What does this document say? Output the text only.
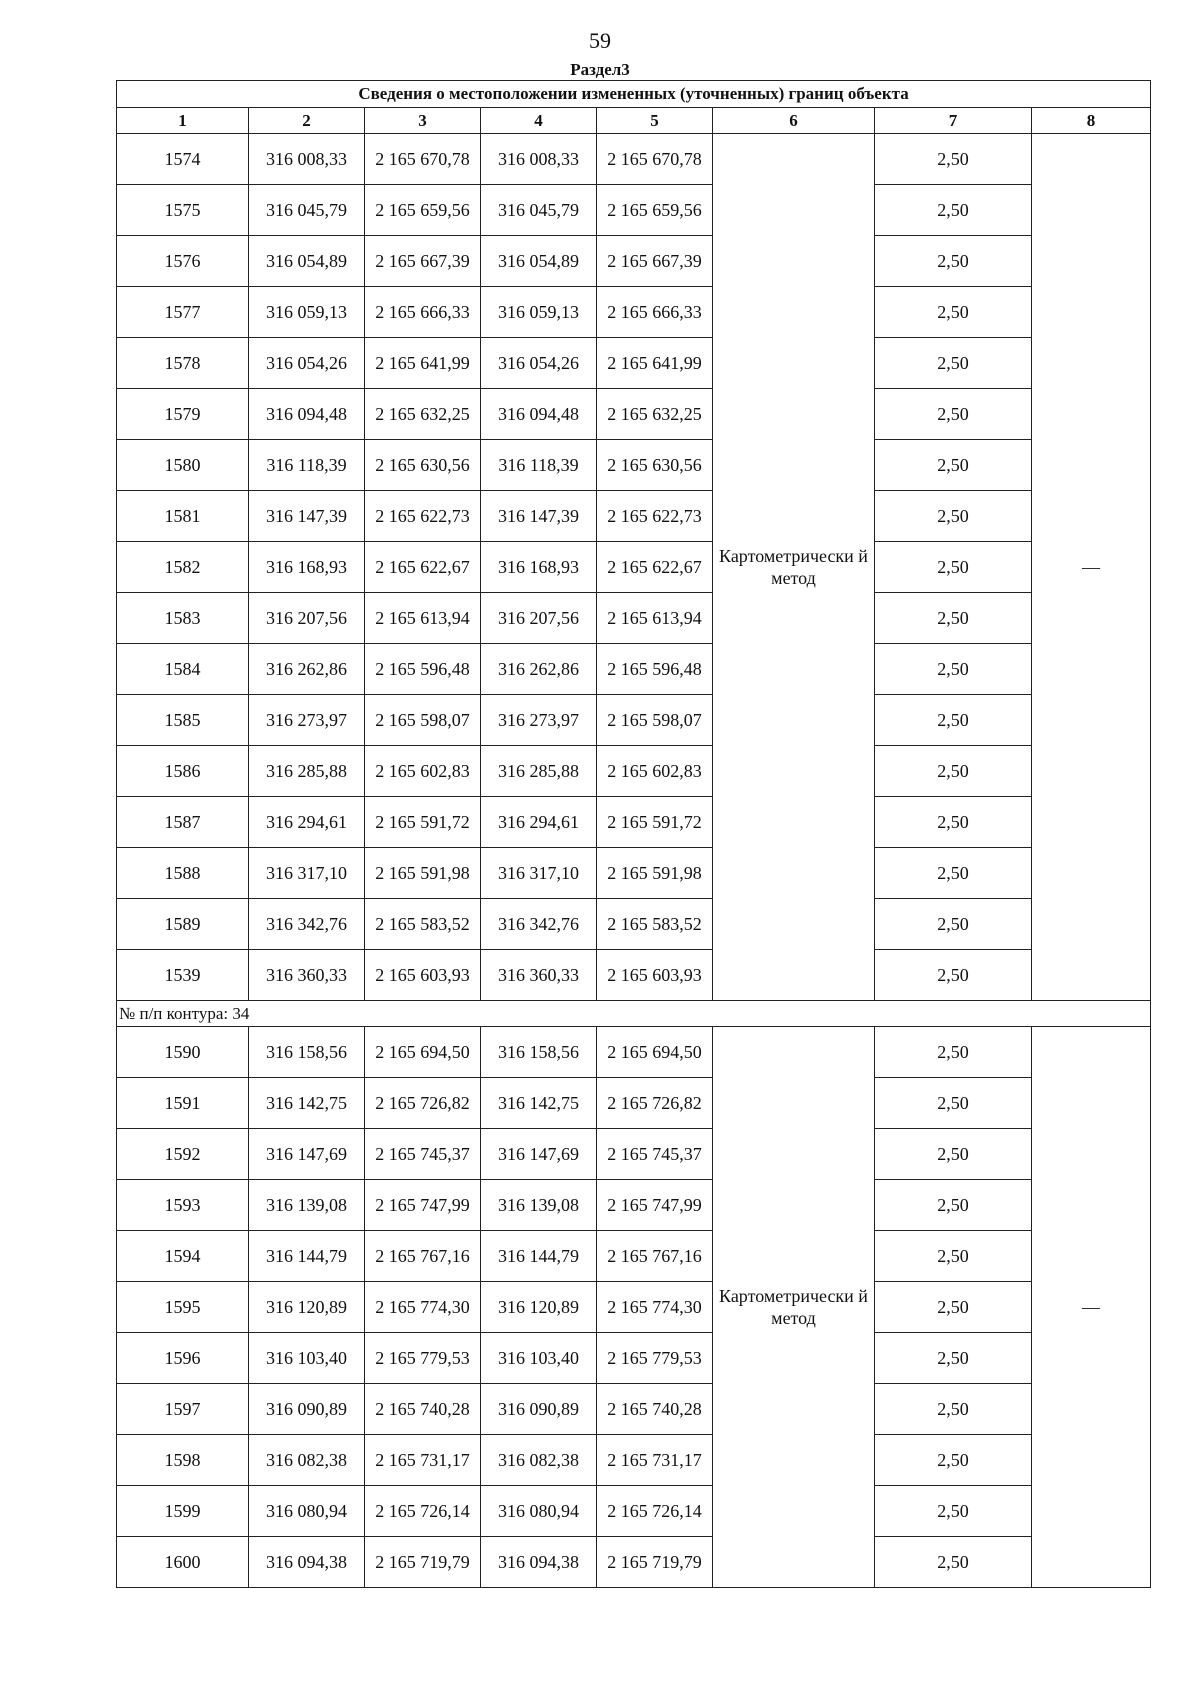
59
Раздел3
Сведения о местоположении измененных (уточненных) границ объекта							
1	2	3	4	5	6	7	8
1574	316 008,33	2 165 670,78	316 008,33	2 165 670,78	Картометрически й метод	2,50	—
1575	316 045,79	2 165 659,56	316 045,79	2 165 659,56		2,50	
1576	316 054,89	2 165 667,39	316 054,89	2 165 667,39		2,50	
1577	316 059,13	2 165 666,33	316 059,13	2 165 666,33		2,50	
1578	316 054,26	2 165 641,99	316 054,26	2 165 641,99		2,50	
1579	316 094,48	2 165 632,25	316 094,48	2 165 632,25		2,50	
1580	316 118,39	2 165 630,56	316 118,39	2 165 630,56		2,50	
1581	316 147,39	2 165 622,73	316 147,39	2 165 622,73		2,50	
1582	316 168,93	2 165 622,67	316 168,93	2 165 622,67		2,50	
1583	316 207,56	2 165 613,94	316 207,56	2 165 613,94		2,50	
1584	316 262,86	2 165 596,48	316 262,86	2 165 596,48		2,50	
1585	316 273,97	2 165 598,07	316 273,97	2 165 598,07		2,50	
1586	316 285,88	2 165 602,83	316 285,88	2 165 602,83		2,50	
1587	316 294,61	2 165 591,72	316 294,61	2 165 591,72		2,50	
1588	316 317,10	2 165 591,98	316 317,10	2 165 591,98		2,50	
1589	316 342,76	2 165 583,52	316 342,76	2 165 583,52		2,50	
1539	316 360,33	2 165 603,93	316 360,33	2 165 603,93		2,50	
№ п/п контура: 34							
1590	316 158,56	2 165 694,50	316 158,56	2 165 694,50	Картометрически й метод	2,50	—
1591	316 142,75	2 165 726,82	316 142,75	2 165 726,82		2,50	
1592	316 147,69	2 165 745,37	316 147,69	2 165 745,37		2,50	
1593	316 139,08	2 165 747,99	316 139,08	2 165 747,99		2,50	
1594	316 144,79	2 165 767,16	316 144,79	2 165 767,16		2,50	
1595	316 120,89	2 165 774,30	316 120,89	2 165 774,30		2,50	
1596	316 103,40	2 165 779,53	316 103,40	2 165 779,53		2,50	
1597	316 090,89	2 165 740,28	316 090,89	2 165 740,28		2,50	
1598	316 082,38	2 165 731,17	316 082,38	2 165 731,17		2,50	
1599	316 080,94	2 165 726,14	316 080,94	2 165 726,14		2,50	
1600	316 094,38	2 165 719,79	316 094,38	2 165 719,79		2,50	
